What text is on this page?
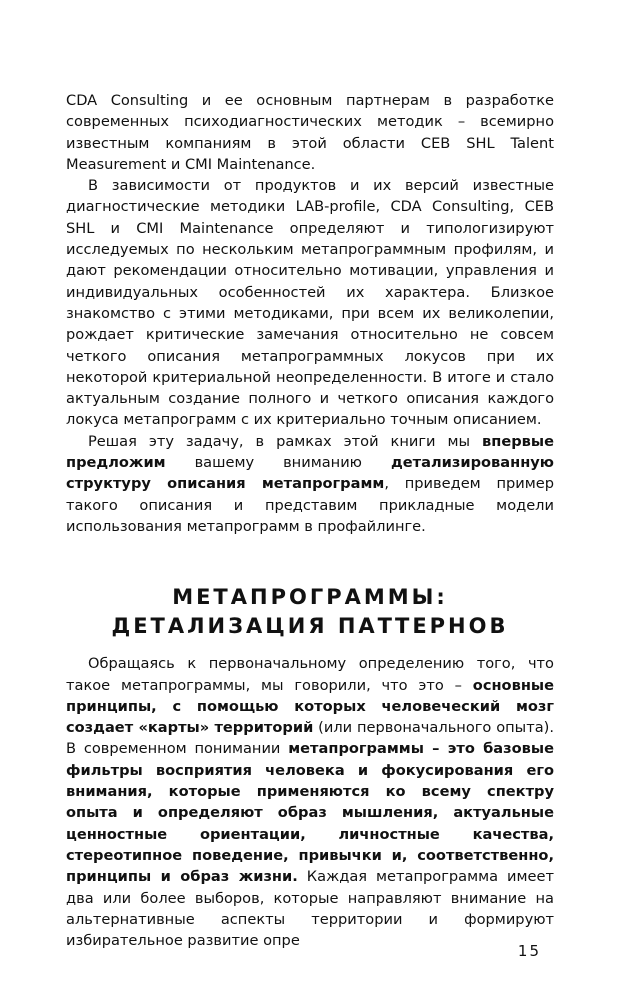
CDA Consulting и ее основным партнерам в разработке современных психодиагностических методик – всемирно известным компаниям в этой области CEB SHL Talent Measurement и CMI Maintenance.

В зависимости от продуктов и их версий известные диагностические методики LAB-profile, CDA Consulting, CEB SHL и CMI Maintenance определяют и типологизируют исследуемых по нескольким метапрограммным профилям, и дают рекомендации относительно мотивации, управления и индивидуальных особенностей их характера. Близкое знакомство с этими методиками, при всем их великолепии, рождает критические замечания относительно не совсем четкого описания метапрограммных локусов при их некоторой критериальной неопределенности. В итоге и стало актуальным создание полного и четкого описания каждого локуса метапрограмм с их критериально точным описанием.

Решая эту задачу, в рамках этой книги мы впервые предложим вашему вниманию детализированную структуру описания метапрограмм, приведем пример такого описания и представим прикладные модели использования метапрограмм в профайлинге.

МЕТАПРОГРАММЫ:
ДЕТАЛИЗАЦИЯ ПАТТЕРНОВ

Обращаясь к первоначальному определению того, что такое метапрограммы, мы говорили, что это – основные принципы, с помощью которых человеческий мозг создает «карты» территорий (или первоначального опыта). В современном понимании метапрограммы – это базовые фильтры восприятия человека и фокусирования его внимания, которые применяются ко всему спектру опыта и определяют образ мышления, актуальные ценностные ориентации, личностные качества, стереотипное поведение, привычки и, соответственно, принципы и образ жизни. Каждая метапрограмма имеет два или более выборов, которые направляют внимание на альтернативные аспекты территории и формируют избирательное развитие опре

15
